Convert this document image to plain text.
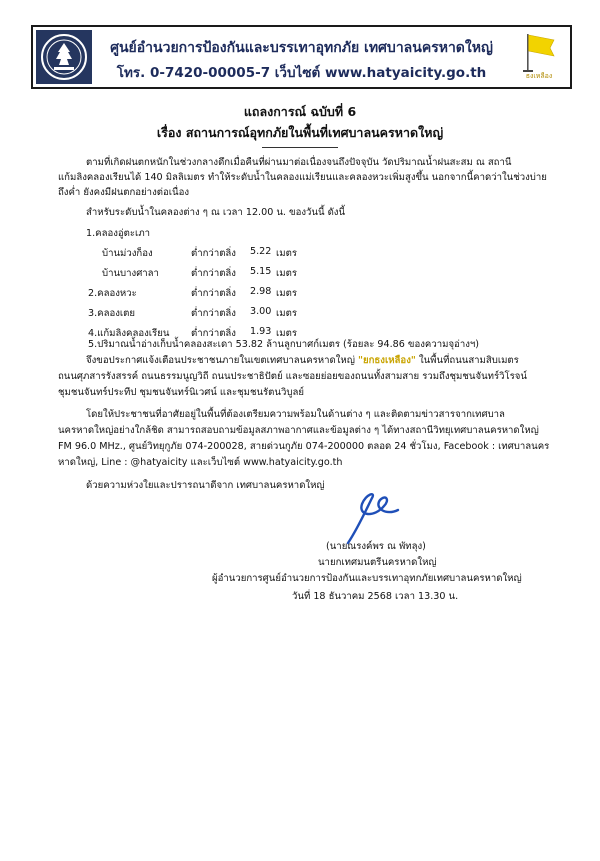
ศูนย์อำนวยการป้องกันและบรรเทาอุทกภัย เทศบาลนครหาดใหญ่
โทร. 0-7420-00005-7 เว็บไซต์ www.hatyaicity.go.th	ธงเหลือง
แถลงการณ์ ฉบับที่ 6
เรื่อง สถานการณ์อุทกภัยในพื้นที่เทศบาลนครหาดใหญ่
ตามที่เกิดฝนตกหนักในช่วงกลางดึกเมื่อคืนที่ผ่านมาต่อเนื่องจนถึงปัจจุบัน วัดปริมาณน้ำฝนสะสม ณ สถานี
แก้มลิงคลองเรียนได้ 140 มิลลิเมตร ทำให้ระดับน้ำในคลองแม่เรียนและคลองหวะเพิ่มสูงขึ้น นอกจากนี้คาดว่าในช่วงบ่าย
ถึงค่ำ ยังคงมีฝนตกอย่างต่อเนื่อง
สำหรับระดับน้ำในคลองต่าง ๆ ณ เวลา 12.00 น. ของวันนี้ ดังนี้
1.คลองอู่ตะเภา
บ้านม่วงก็อง	ต่ำกว่าตลิ่ง 5.22 เมตร
บ้านบางศาลา	ต่ำกว่าตลิ่ง 5.15 เมตร
2.คลองหวะ	ต่ำกว่าตลิ่ง 2.98 เมตร
3.คลองเตย	ต่ำกว่าตลิ่ง 3.00 เมตร
4.แก้มลิงคลองเรียน ต่ำกว่าตลิ่ง 1.93 เมตร
5.ปริมาณน้ำอ่างเก็บน้ำคลองสะเดา 53.82 ล้านลูกบาศก์เมตร (ร้อยละ 94.86 ของความจุอ่างฯ)
จึงขอประกาศแจ้งเตือนประชาชนภายในเขตเทศบาลนครหาดใหญ่ "ยกธงเหลือง" ในพื้นที่ถนนสามสิบเมตร
ถนนศุภสารรังสรรค์ ถนนธรรมนูญวิถี ถนนประชาธิปัตย์ และซอยย่อยของถนนทั้งสามสาย รวมถึงชุมชนจันทร์วิโรจน์
ชุมชนจันทร์ประทีป ชุมชนจันทร์นิเวศน์ และชุมชนรัตนวิบูลย์
โดยให้ประชาชนที่อาศัยอยู่ในพื้นที่ต้องเตรียมความพร้อมในด้านต่าง ๆ และติดตามข่าวสารจากเทศบาล
นครหาดใหญ่อย่างใกล้ชิด สามารถสอบถามข้อมูลสภาพอากาศและข้อมูลต่าง ๆ ได้ทางสถานีวิทยุเทศบาลนครหาดใหญ่
FM 96.0 MHz., ศูนย์วิทยุกูภัย 074-200028, สายด่วนกูภัย 074-200000 ตลอด 24 ชั่วโมง, Facebook : เทศบาลนคร
หาดใหญ่, Line : @hatyaicity และเว็บไซต์ www.hatyaicity.go.th
ด้วยความห่วงใยและปรารถนาดีจาก เทศบาลนครหาดใหญ่
(นายณรงค์พร ณ พัทลุง)
นายกเทศมนตรีนครหาดใหญ่
ผู้อำนวยการศูนย์อำนวยการป้องกันและบรรเทาอุทกภัยเทศบาลนครหาดใหญ่
วันที่ 18 ธันวาคม 2568 เวลา 13.30 น.
